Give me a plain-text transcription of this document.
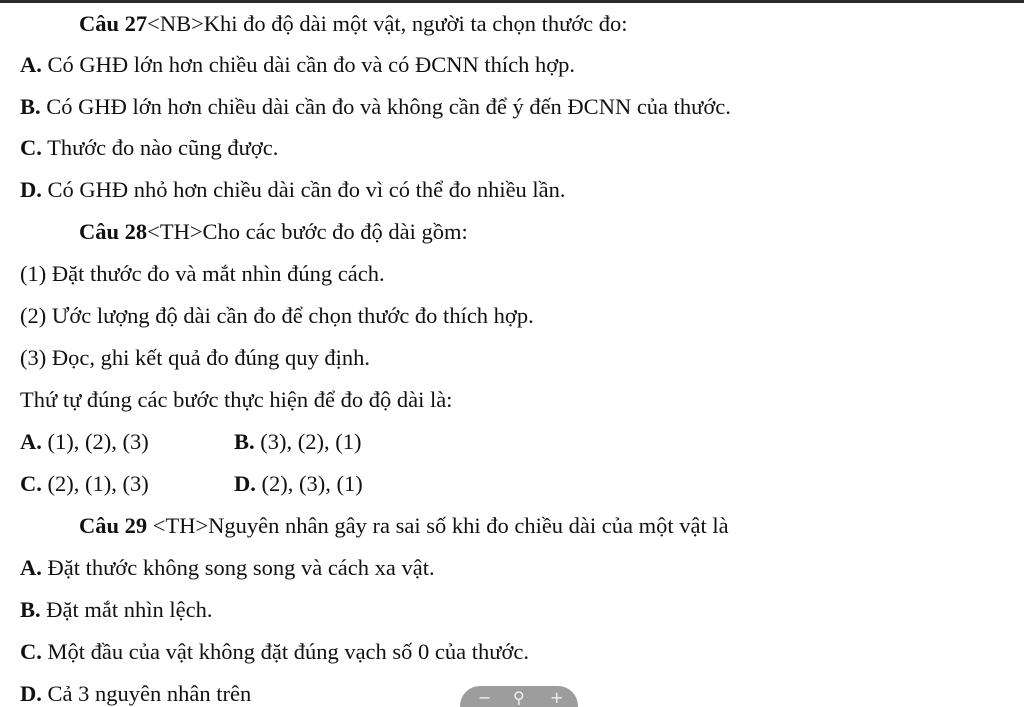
Câu 27<NB>Khi đo độ dài một vật, người ta chọn thước đo:
A. Có GHĐ lớn hơn chiều dài cần đo và có ĐCNN thích hợp.
B. Có GHĐ lớn hơn chiều dài cần đo và không cần để ý đến ĐCNN của thước.
C. Thước đo nào cũng được.
D. Có GHĐ nhỏ hơn chiều dài cần đo vì có thể đo nhiều lần.
Câu 28<TH>Cho các bước đo độ dài gồm:
(1) Đặt thước đo và mắt nhìn đúng cách.
(2) Ước lượng độ dài cần đo để chọn thước đo thích hợp.
(3) Đọc, ghi kết quả đo đúng quy định.
Thứ tự đúng các bước thực hiện để đo độ dài là:
A. (1), (2), (3)	B. (3), (2), (1)
C. (2), (1), (3)	D. (2), (3), (1)
Câu 29 <TH>Nguyên nhân gây ra sai số khi đo chiều dài của một vật là
A. Đặt thước không song song và cách xa vật.
B. Đặt mắt nhìn lệch.
C. Một đầu của vật không đặt đúng vạch số 0 của thước.
D. Cả 3 nguyên nhân trên	− ⚲ +
